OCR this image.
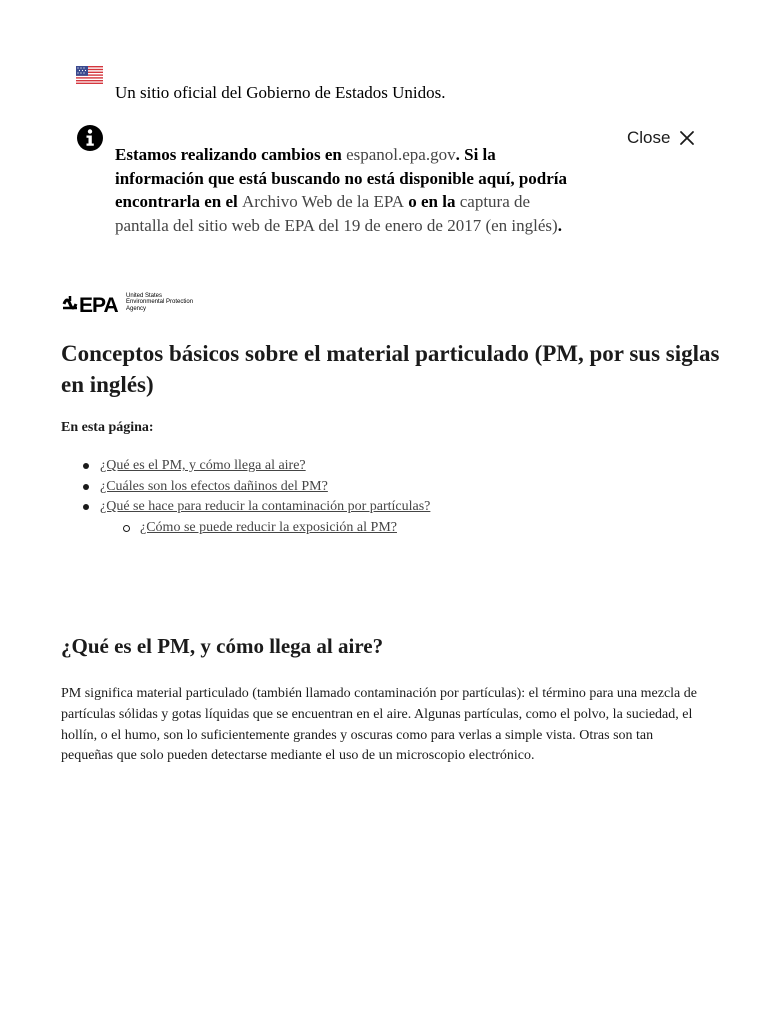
Un sitio oficial del Gobierno de Estados Unidos.
Estamos realizando cambios en espanol.epa.gov. Si la información que está buscando no está disponible aquí, podría encontrarla en el Archivo Web de la EPA o en la captura de pantalla del sitio web de EPA del 19 de enero de 2017 (en inglés).
Close
EPA United States
Environmental Protection
Agency
Conceptos básicos sobre el material particulado (PM, por sus siglas en inglés)
En esta página:
¿Qué es el PM, y cómo llega al aire?
¿Cuáles son los efectos dañinos del PM?
¿Qué se hace para reducir la contaminación por partículas?
¿Cómo se puede reducir la exposición al PM?
¿Qué es el PM, y cómo llega al aire?

PM significa material particulado (también llamado contaminación por partículas): el término para una mezcla de partículas sólidas y gotas líquidas que se encuentran en el aire. Algunas partículas, como el polvo, la suciedad, el hollín, o el humo, son lo suficientemente grandes y oscuras como para verlas a simple vista. Otras son tan pequeñas que solo pueden detectarse mediante el uso de un microscopio electrónico.
